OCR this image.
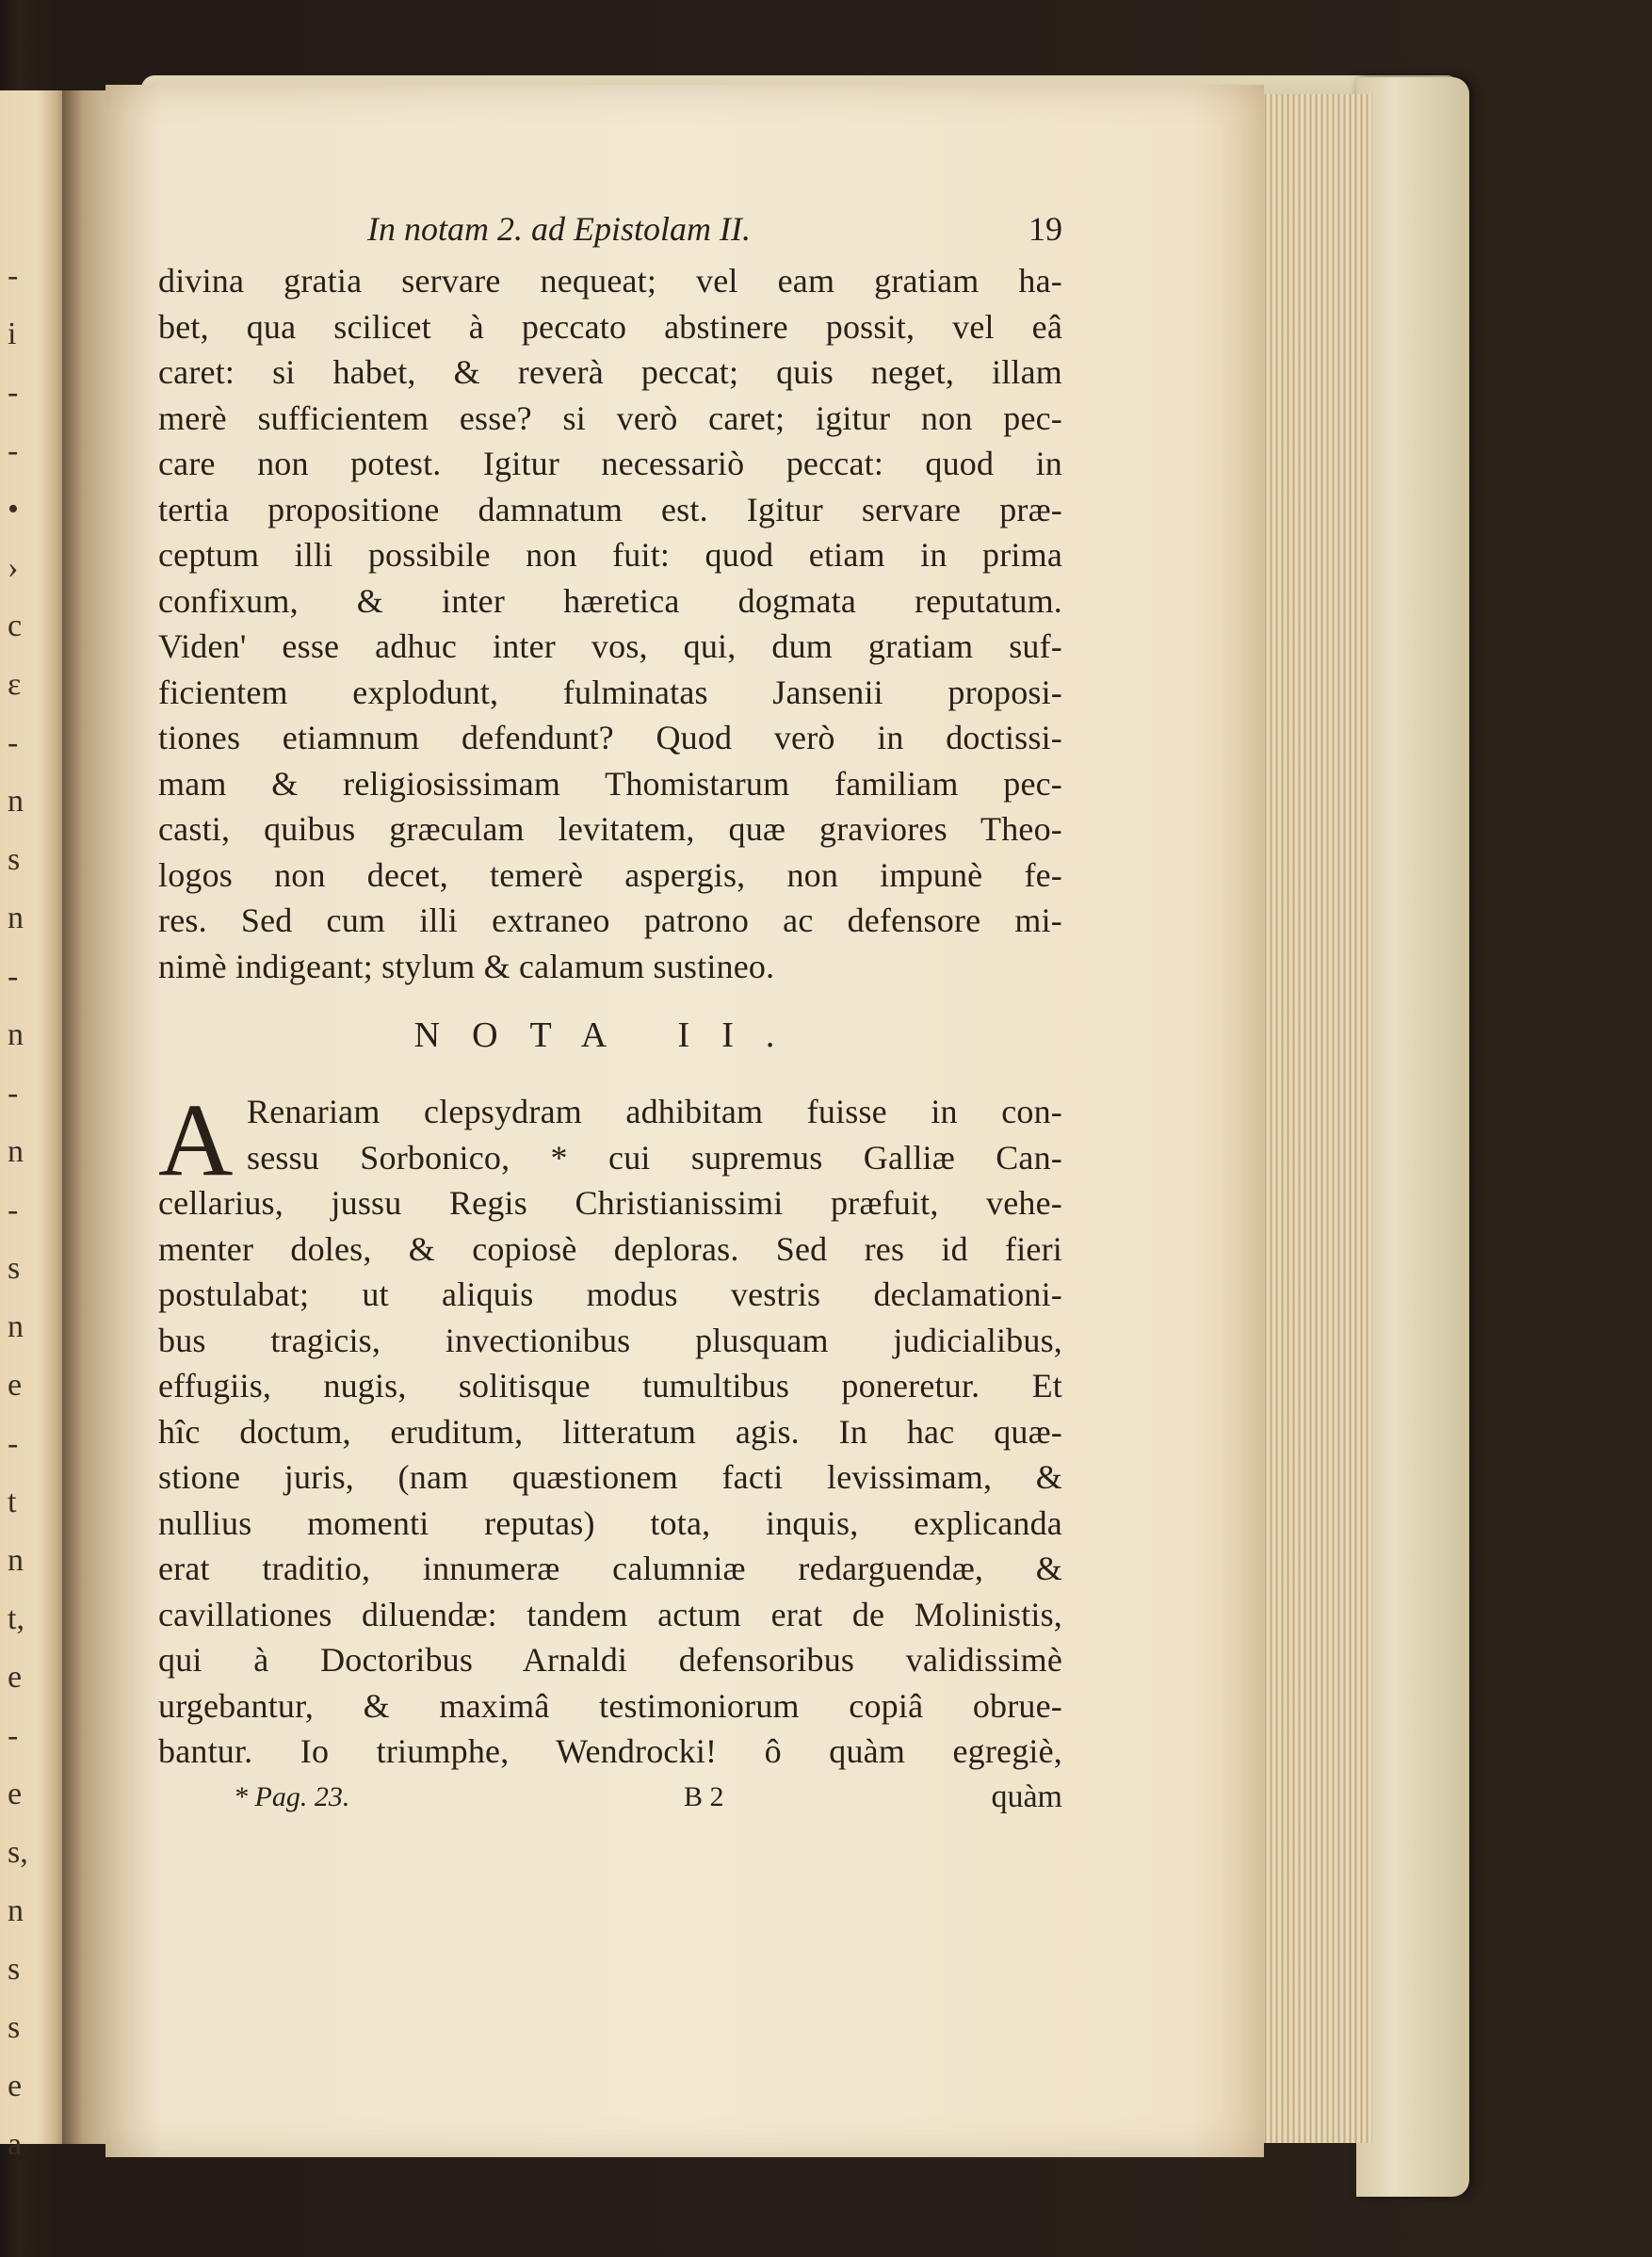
-
i
-
-
•
›
c
ε
-
n
s
n
-
n
-
n
-
s
n
e
-
t
n
t,
e
-
e
s,
n
s
s
e
a
In notam 2. ad Epistolam II.	19
divina gratia servare nequeat; vel eam gratiam ha-
bet, qua scilicet à peccato abstinere possit, vel eâ
caret: si habet, & reverà peccat; quis neget, illam
merè sufficientem esse? si verò caret; igitur non pec-
care non potest. Igitur necessariò peccat: quod in
tertia propositione damnatum est. Igitur servare præ-
ceptum illi possibile non fuit: quod etiam in prima
confixum, & inter hæretica dogmata reputatum.
Viden' esse adhuc inter vos, qui, dum gratiam suf-
ficientem explodunt, fulminatas Jansenii proposi-
tiones etiamnum defendunt? Quod verò in doctissi-
mam & religiosissimam Thomistarum familiam pec-
casti, quibus græculam levitatem, quæ graviores Theo-
logos non decet, temerè aspergis, non impunè fe-
res. Sed cum illi extraneo patrono ac defensore mi-
nimè indigeant; stylum & calamum sustineo.
NOTA II.
A Renariam clepsydram adhibitam fuisse in con-
sessu Sorbonico, * cui supremus Galliæ Can-
cellarius, jussu Regis Christianissimi præfuit, vehe-
menter doles, & copiosè deploras. Sed res id fieri
postulabat; ut aliquis modus vestris declamationi-
bus tragicis, invectionibus plusquam judicialibus,
effugiis, nugis, solitisque tumultibus poneretur. Et
hîc doctum, eruditum, litteratum agis. In hac quæ-
stione juris, (nam quæstionem facti levissimam, &
nullius momenti reputas) tota, inquis, explicanda
erat traditio, innumeræ calumniæ redarguendæ, &
cavillationes diluendæ: tandem actum erat de Molinistis,
qui à Doctoribus Arnaldi defensoribus validissimè
urgebantur, & maximâ testimoniorum copiâ obrue-
bantur. Io triumphe, Wendrocki! ô quàm egregiè,
* Pag. 23.	B 2	quàm
